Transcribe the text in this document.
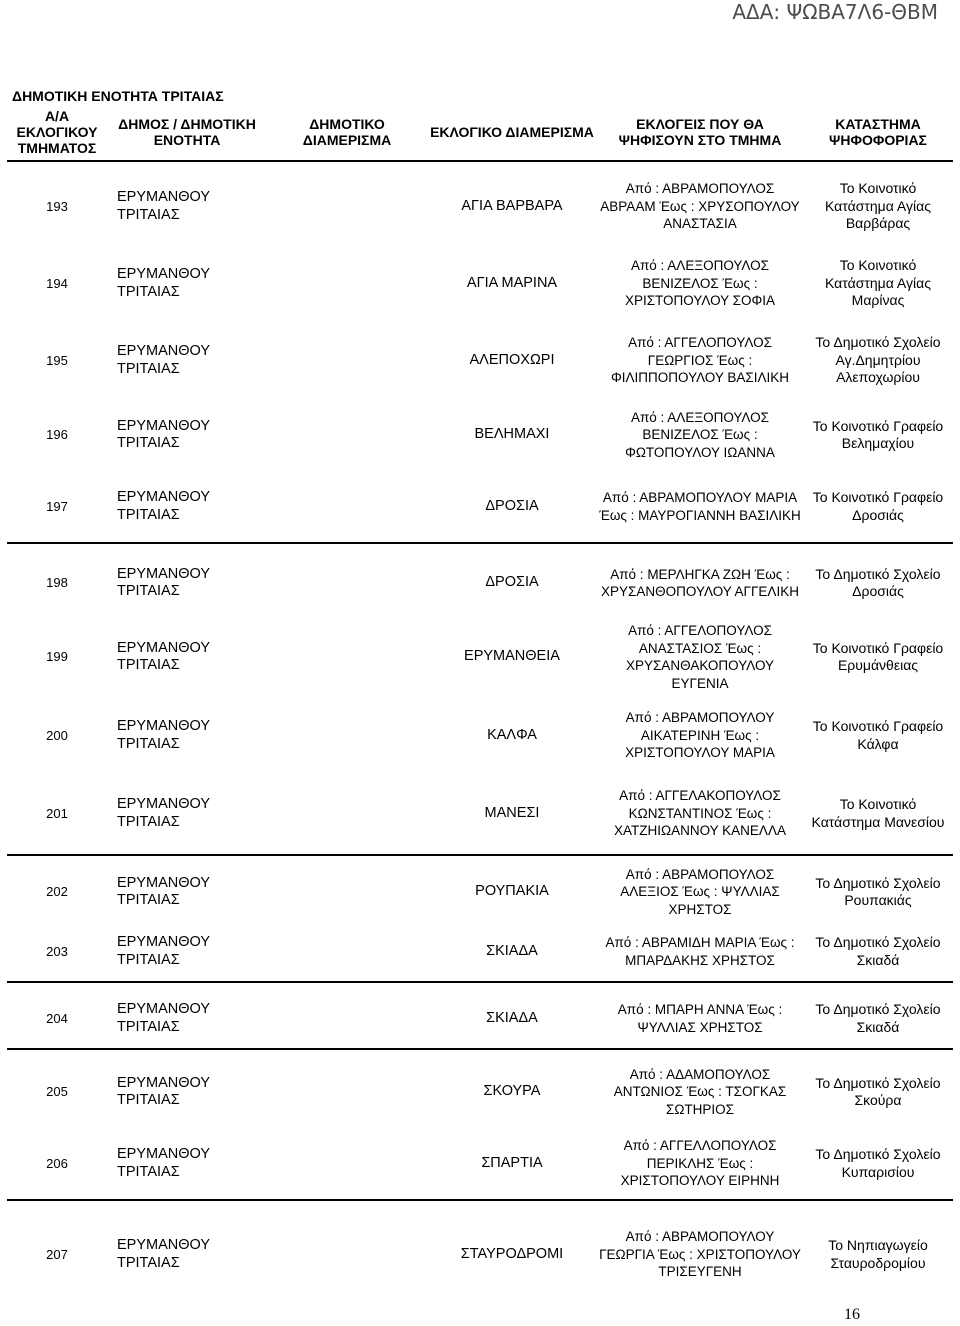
ΑΔΑ: ΨΩΒΑ7Λ6-ΘΒΜ
ΔΗΜΟΤΙΚΗ ΕΝΟΤΗΤΑ ΤΡΙΤΑΙΑΣ
Α/Α ΕΚΛΟΓΙΚΟΥ ΤΜΗΜΑΤΟΣ	ΔΗΜΟΣ / ΔΗΜΟΤΙΚΗ ΕΝΟΤΗΤΑ	ΔΗΜΟΤΙΚΟ ΔΙΑΜΕΡΙΣΜΑ	ΕΚΛΟΓΙΚΟ ΔΙΑΜΕΡΙΣΜΑ	ΕΚΛΟΓΕΙΣ ΠΟΥ ΘΑ ΨΗΦΙΣΟΥΝ ΣΤΟ ΤΜΗΜΑ	ΚΑΤΑΣΤΗΜΑ ΨΗΦΟΦΟΡΙΑΣ

193	ΕΡΥΜΑΝΘΟΥ ΤΡΙΤΑΙΑΣ		ΑΓΙΑ ΒΑΡΒΑΡΑ	Από : ΑΒΡΑΜΟΠΟΥΛΟΣ ΑΒΡΑΑΜ Έως : ΧΡΥΣΟΠΟΥΛΟΥ ΑΝΑΣΤΑΣΙΑ	Το Κοινοτικό Κατάστημα Αγίας Βαρβάρας
194	ΕΡΥΜΑΝΘΟΥ ΤΡΙΤΑΙΑΣ		ΑΓΙΑ ΜΑΡΙΝΑ	Από : ΑΛΕΞΟΠΟΥΛΟΣ ΒΕΝΙΖΕΛΟΣ Έως : ΧΡΙΣΤΟΠΟΥΛΟΥ ΣΟΦΙΑ	Το Κοινοτικό Κατάστημα Αγίας Μαρίνας
195	ΕΡΥΜΑΝΘΟΥ ΤΡΙΤΑΙΑΣ		ΑΛΕΠΟΧΩΡΙ	Από : ΑΓΓΕΛΟΠΟΥΛΟΣ ΓΕΩΡΓΙΟΣ Έως : ΦΙΛΙΠΠΟΠΟΥΛΟΥ ΒΑΣΙΛΙΚΗ	Το Δημοτικό Σχολείο Αγ.Δημητρίου Αλεποχωρίου
196	ΕΡΥΜΑΝΘΟΥ ΤΡΙΤΑΙΑΣ		ΒΕΛΗΜΑΧΙ	Από : ΑΛΕΞΟΠΟΥΛΟΣ ΒΕΝΙΖΕΛΟΣ Έως : ΦΩΤΟΠΟΥΛΟΥ ΙΩΑΝΝΑ	Το Κοινοτικό Γραφείο Βελημαχίου
197	ΕΡΥΜΑΝΘΟΥ ΤΡΙΤΑΙΑΣ		ΔΡΟΣΙΑ	Από : ΑΒΡΑΜΟΠΟΥΛΟΥ ΜΑΡΙΑ Έως : ΜΑΥΡΟΓΙΑΝΝΗ ΒΑΣΙΛΙΚΗ	Το Κοινοτικό Γραφείο Δροσιάς

198	ΕΡΥΜΑΝΘΟΥ ΤΡΙΤΑΙΑΣ		ΔΡΟΣΙΑ	Από : ΜΕΡΛΗΓΚΑ ΖΩΗ Έως : ΧΡΥΣΑΝΘΟΠΟΥΛΟΥ ΑΓΓΕΛΙΚΗ	Το Δημοτικό Σχολείο Δροσιάς
199	ΕΡΥΜΑΝΘΟΥ ΤΡΙΤΑΙΑΣ		ΕΡΥΜΑΝΘΕΙΑ	Από : ΑΓΓΕΛΟΠΟΥΛΟΣ ΑΝΑΣΤΑΣΙΟΣ Έως : ΧΡΥΣΑΝΘΑΚΟΠΟΥΛΟΥ ΕΥΓΕΝΙΑ	Το Κοινοτικό Γραφείο Ερυμάνθειας
200	ΕΡΥΜΑΝΘΟΥ ΤΡΙΤΑΙΑΣ		ΚΑΛΦΑ	Από : ΑΒΡΑΜΟΠΟΥΛΟΥ ΑΙΚΑΤΕΡΙΝΗ Έως : ΧΡΙΣΤΟΠΟΥΛΟΥ ΜΑΡΙΑ	Το Κοινοτικό Γραφείο Κάλφα
201	ΕΡΥΜΑΝΘΟΥ ΤΡΙΤΑΙΑΣ		ΜΑΝΕΣΙ	Από : ΑΓΓΕΛΑΚΟΠΟΥΛΟΣ ΚΩΝΣΤΑΝΤΙΝΟΣ Έως : ΧΑΤΖΗΙΩΑΝΝΟΥ ΚΑΝΕΛΛΑ	Το Κοινοτικό Κατάστημα Μανεσίου

202	ΕΡΥΜΑΝΘΟΥ ΤΡΙΤΑΙΑΣ		ΡΟΥΠΑΚΙΑ	Από : ΑΒΡΑΜΟΠΟΥΛΟΣ ΑΛΕΞΙΟΣ Έως : ΨΥΛΛΙΑΣ ΧΡΗΣΤΟΣ	Το Δημοτικό Σχολείο Ρουπακιάς
203	ΕΡΥΜΑΝΘΟΥ ΤΡΙΤΑΙΑΣ		ΣΚΙΑΔΑ	Από : ΑΒΡΑΜΙΔΗ ΜΑΡΙΑ Έως : ΜΠΑΡΔΑΚΗΣ ΧΡΗΣΤΟΣ	Το Δημοτικό Σχολείο Σκιαδά

204	ΕΡΥΜΑΝΘΟΥ ΤΡΙΤΑΙΑΣ		ΣΚΙΑΔΑ	Από : ΜΠΑΡΗ ΑΝΝΑ Έως : ΨΥΛΛΙΑΣ ΧΡΗΣΤΟΣ	Το Δημοτικό Σχολείο Σκιαδά

205	ΕΡΥΜΑΝΘΟΥ ΤΡΙΤΑΙΑΣ		ΣΚΟΥΡΑ	Από : ΑΔΑΜΟΠΟΥΛΟΣ ΑΝΤΩΝΙΟΣ Έως : ΤΣΟΓΚΑΣ ΣΩΤΗΡΙΟΣ	Το Δημοτικό Σχολείο Σκούρα
206	ΕΡΥΜΑΝΘΟΥ ΤΡΙΤΑΙΑΣ		ΣΠΑΡΤΙΑ	Από : ΑΓΓΕΛΛΟΠΟΥΛΟΣ ΠΕΡΙΚΛΗΣ Έως : ΧΡΙΣΤΟΠΟΥΛΟΥ ΕΙΡΗΝΗ	Το Δημοτικό Σχολείο Κυπαρισίου

207	ΕΡΥΜΑΝΘΟΥ ΤΡΙΤΑΙΑΣ		ΣΤΑΥΡΟΔΡΟΜΙ	Από : ΑΒΡΑΜΟΠΟΥΛΟΥ ΓΕΩΡΓΙΑ Έως : ΧΡΙΣΤΟΠΟΥΛΟΥ ΤΡΙΣΕΥΓΕΝΗ	Το Νηπιαγωγείο Σταυροδρομίου
16
